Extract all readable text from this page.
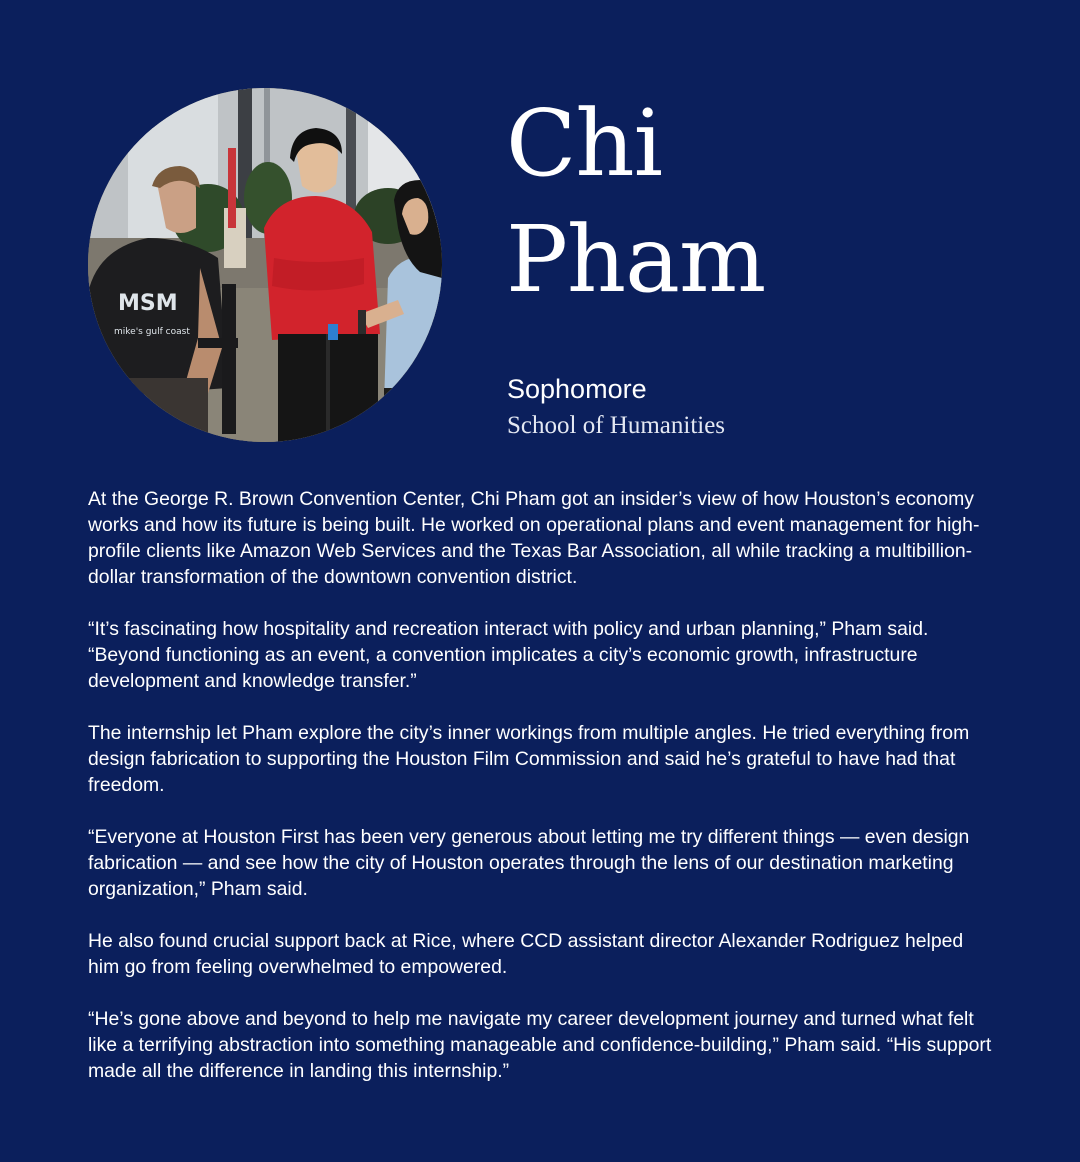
MSM
mike's gulf coast
Chi
Pham
Sophomore
School of Humanities

At the George R. Brown Convention Center, Chi Pham got an insider’s view of how Houston’s economy works and how its future is being built. He worked on operational plans and event management for high-profile clients like Amazon Web Services and the Texas Bar Association, all while tracking a multibillion-dollar transformation of the downtown convention district.

“It’s fascinating how hospitality and recreation interact with policy and urban planning,” Pham said. “Beyond functioning as an event, a convention implicates a city’s economic growth, infrastructure development and knowledge transfer.”

The internship let Pham explore the city’s inner workings from multiple angles. He tried everything from design fabrication to supporting the Houston Film Commission and said he’s grateful to have had that freedom.

“Everyone at Houston First has been very generous about letting me try different things — even design fabrication — and see how the city of Houston operates through the lens of our destination marketing organization,” Pham said.

He also found crucial support back at Rice, where CCD assistant director Alexander Rodriguez helped him go from feeling overwhelmed to empowered.

“He’s gone above and beyond to help me navigate my career development journey and turned what felt like a terrifying abstraction into something manageable and confidence-building,” Pham said. “His support made all the difference in landing this internship.”
